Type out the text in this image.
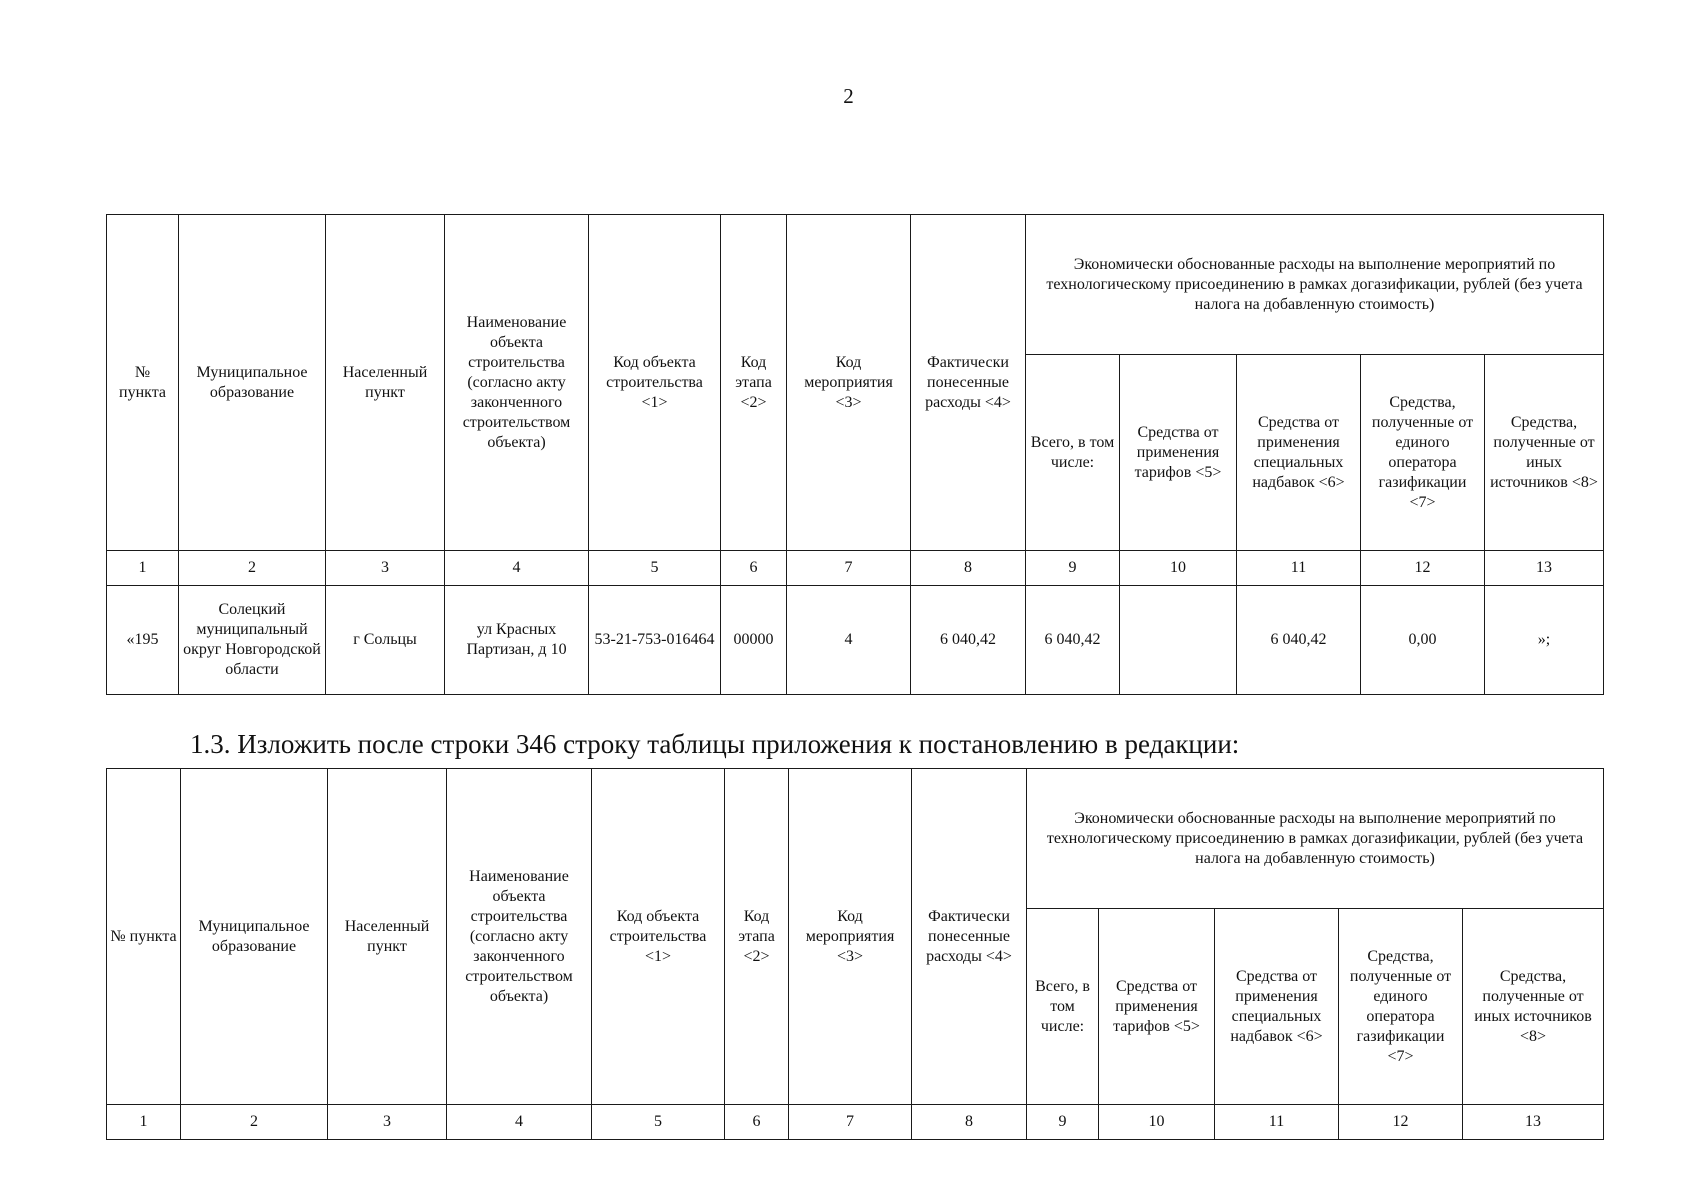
2
№ пункта	Муниципальное образование	Населенный пункт	Наименование объекта строительства (согласно акту законченного строительством объекта)	Код объекта строительства <1>	Код этапа <2>	Код мероприятия <3>	Фактически понесенные расходы <4>	Экономически обоснованные расходы на выполнение мероприятий по технологическому присоединению в рамках догазификации, рублей (без учета налога на добавленную стоимость)				
								Всего, в том числе:	Средства от применения тарифов <5>	Средства от применения специальных надбавок <6>	Средства, полученные от единого оператора газификации <7>	Средства, полученные от иных источников <8>
1	2	3	4	5	6	7	8	9	10	11	12	13
«195	Солецкий муниципальный округ Новгородской области	г Сольцы	ул Красных Партизан, д 10	53-21-753-016464	00000	4	6 040,42	6 040,42		6 040,42	0,00	»;
1.3. Изложить после строки 346 строку таблицы приложения к постановлению в редакции:
№ пункта	Муниципальное образование	Населенный пункт	Наименование объекта строительства (согласно акту законченного строительством объекта)	Код объекта строительства <1>	Код этапа <2>	Код мероприятия <3>	Фактически понесенные расходы <4>	Экономически обоснованные расходы на выполнение мероприятий по технологическому присоединению в рамках догазификации, рублей (без учета налога на добавленную стоимость)				
								Всего, в том числе:	Средства от применения тарифов <5>	Средства от применения специальных надбавок <6>	Средства, полученные от единого оператора газификации <7>	Средства, полученные от иных источников <8>
1	2	3	4	5	6	7	8	9	10	11	12	13
